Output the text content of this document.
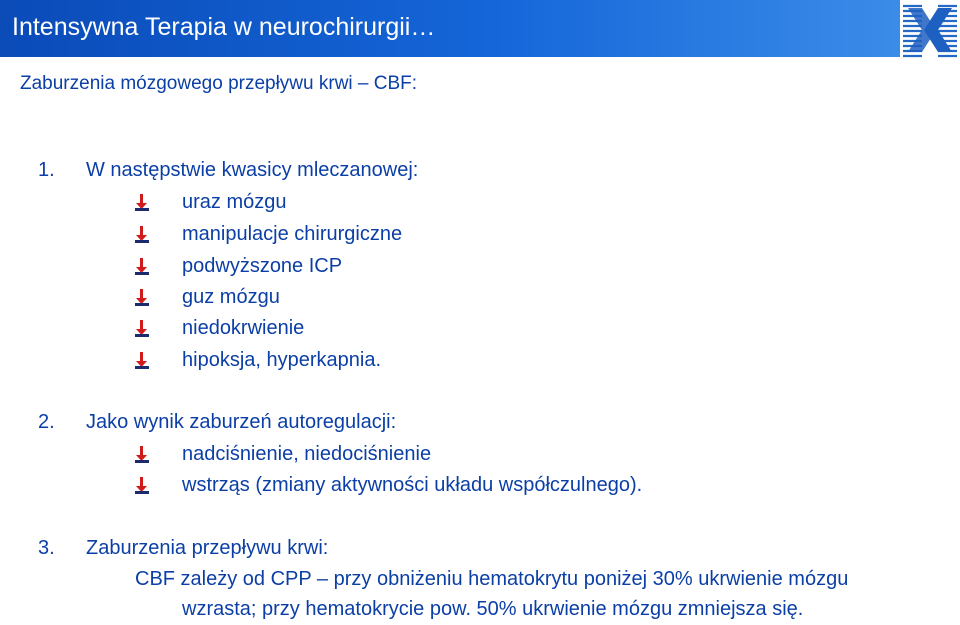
Intensywna Terapia w neurochirurgii…
Zaburzenia mózgowego przepływu krwi – CBF:
1. W następstwie kwasicy mleczanowej:
uraz mózgu
manipulacje chirurgiczne
podwyższone ICP
guz mózgu
niedokrwienie
hipoksja, hyperkapnia.
2. Jako wynik zaburzeń autoregulacji:
nadciśnienie, niedociśnienie
wstrząs (zmiany aktywności układu współczulnego).
3. Zaburzenia przepływu krwi:
CBF zależy od CPP – przy obniżeniu hematokrytu poniżej 30% ukrwienie mózgu
wzrasta; przy hematokrycie pow. 50% ukrwienie mózgu zmniejsza się.
